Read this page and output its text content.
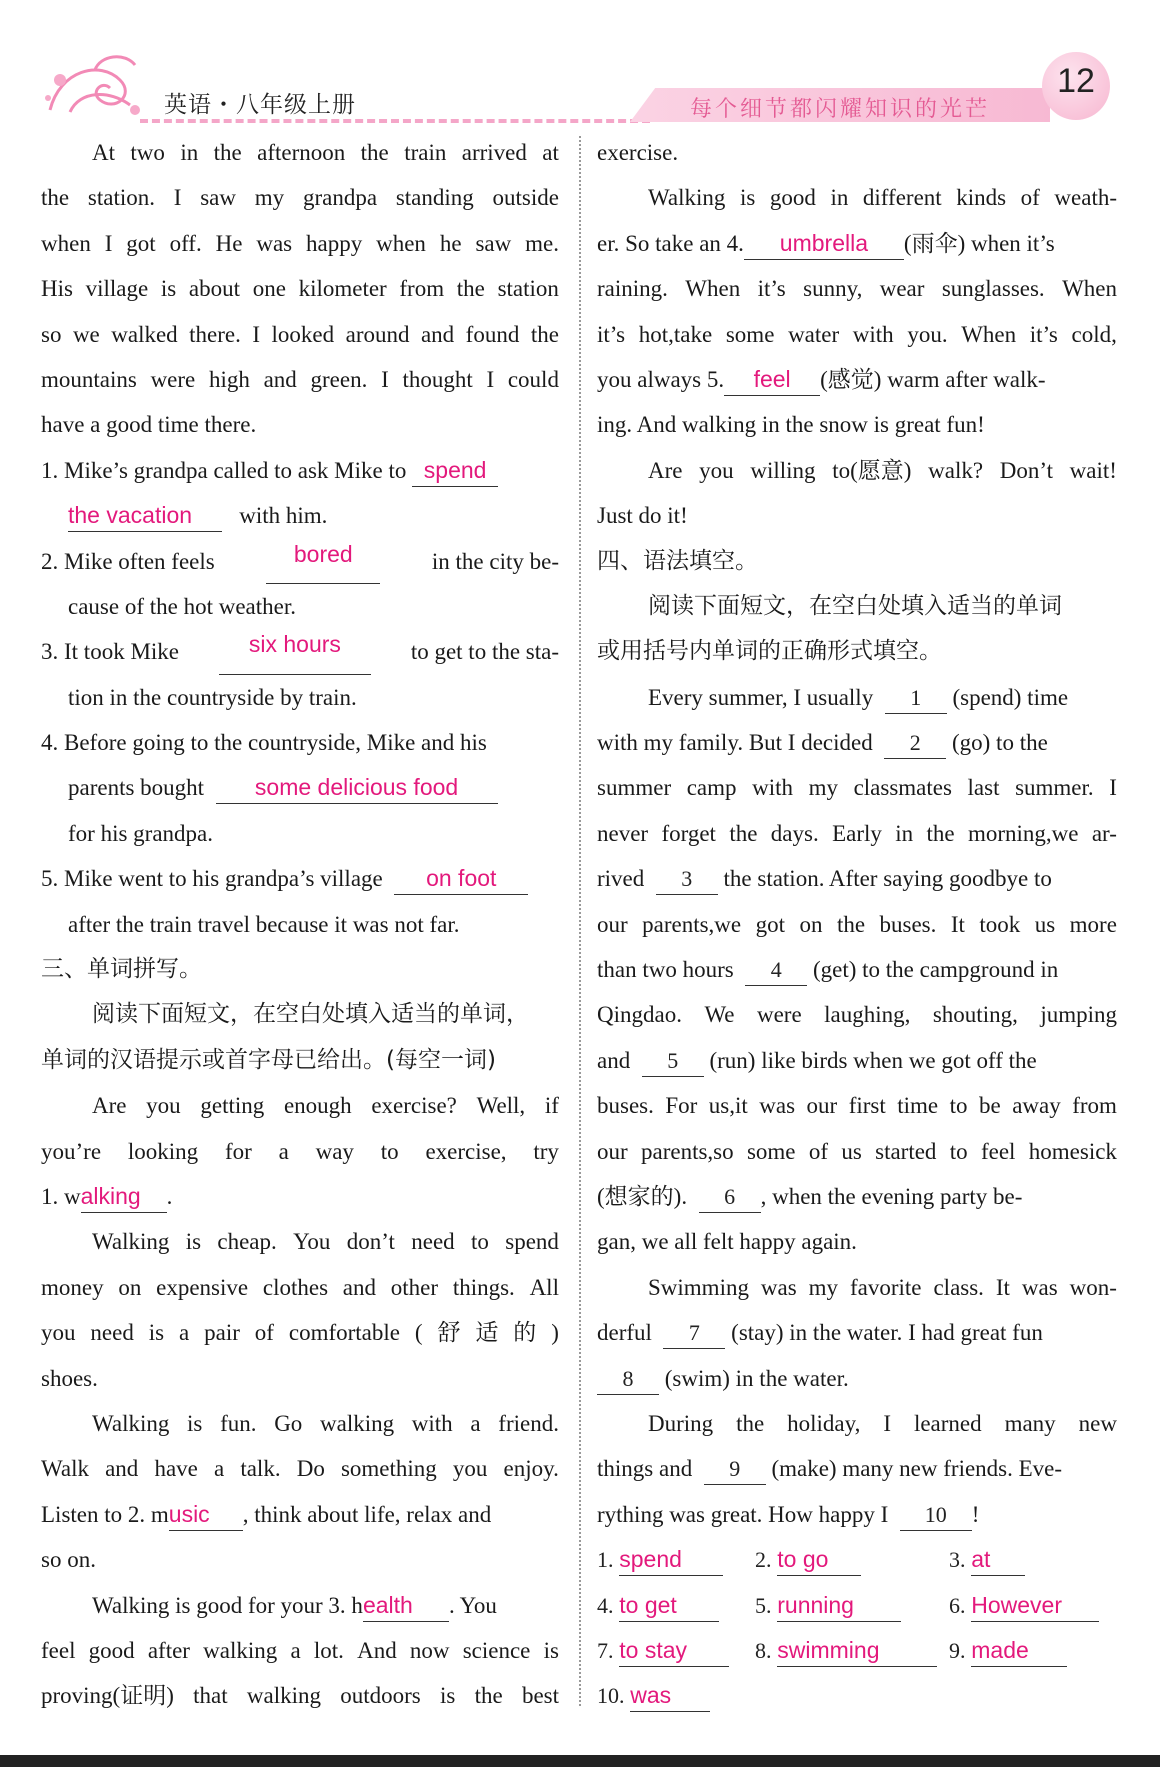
英语・八年级上册	每个细节都闪耀知识的光芒
12
At two in the afternoon the train arrived at
the station. I saw my grandpa standing outside
when I got off. He was happy when he saw me.
His village is about one kilometer from the station
so we walked there. I looked around and found the
mountains were high and green. I thought I could
have a good time there.
1. Mike’s grandpa called to ask Mike to spend
the vacation with him.
2. Mike often feels	bored	in the city be-
cause of the hot weather.
3. It took Mike	six hours	to get to the sta-
tion in the countryside by train.
4. Before going to the countryside, Mike and his
parents bought some delicious food
for his grandpa.
5. Mike went to his grandpa’s village on foot
after the train travel because it was not far.
三、单词拼写。
阅读下面短文，在空白处填入适当的单词，
单词的汉语提示或首字母已给出。(每空一词)
Are you getting enough exercise? Well, if
you’re looking for a way to exercise, try
1. walking .
Walking is cheap. You don’t need to spend
money on expensive clothes and other things. All
you need is a pair of comfortable ( 舒 适 的 )
shoes.
Walking is fun. Go walking with a friend.
Walk and have a talk. Do something you enjoy.
Listen to 2. music , think about life, relax and
so on.
Walking is good for your 3. health . You
feel good after walking a lot. And now science is
proving(证明) that walking outdoors is the best
exercise.
Walking is good in different kinds of weath-
er. So take an 4. umbrella (雨伞) when it’s
raining. When it’s sunny, wear sunglasses. When
it’s hot,take some water with you. When it’s cold,
you always 5. feel (感觉) warm after walk-
ing. And walking in the snow is great fun!
Are you willing to(愿意) walk? Don’t wait!
Just do it!
四、语法填空。
阅读下面短文，在空白处填入适当的单词
或用括号内单词的正确形式填空。
Every summer, I usually 1 (spend) time
with my family. But I decided 2 (go) to the
summer camp with my classmates last summer. I
never forget the days. Early in the morning,we ar-
rived 3 the station. After saying goodbye to
our parents,we got on the buses. It took us more
than two hours 4 (get) to the campground in
Qingdao. We were laughing, shouting, jumping
and 5 (run) like birds when we got off the
buses. For us,it was our first time to be away from
our parents,so some of us started to feel homesick
(想家的). 6 , when the evening party be-
gan, we all felt happy again.
Swimming was my favorite class. It was won-
derful 7 (stay) in the water. I had great fun
8 (swim) in the water.
During the holiday, I learned many new
things and 9 (make) many new friends. Eve-
rything was great. How happy I 10 !
1. spend	2. to go	3. at
4. to get	5. running	6. However
7. to stay	8. swimming	9. made
10. was
